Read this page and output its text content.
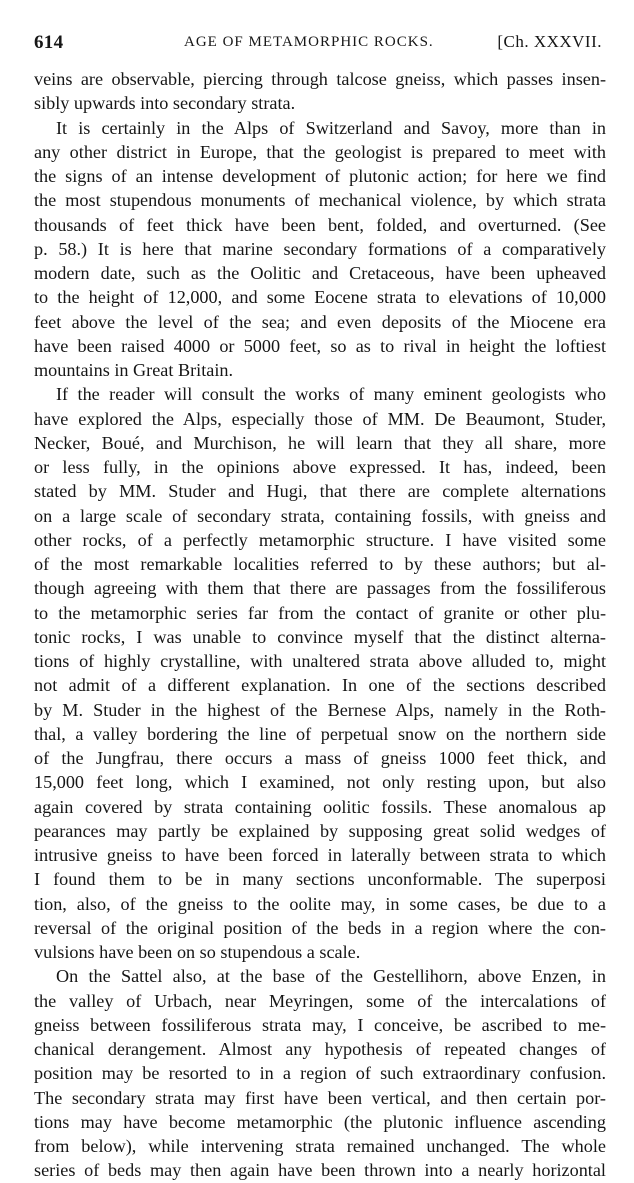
614	AGE OF METAMORPHIC ROCKS.	[Ch. XXXVII.
veins are observable, piercing through talcose gneiss, which passes insen-
sibly upwards into secondary strata.
It is certainly in the Alps of Switzerland and Savoy, more than in
any other district in Europe, that the geologist is prepared to meet with
the signs of an intense development of plutonic action; for here we find
the most stupendous monuments of mechanical violence, by which strata
thousands of feet thick have been bent, folded, and overturned. (See
p. 58.) It is here that marine secondary formations of a comparatively
modern date, such as the Oolitic and Cretaceous, have been upheaved
to the height of 12,000, and some Eocene strata to elevations of 10,000
feet above the level of the sea; and even deposits of the Miocene era
have been raised 4000 or 5000 feet, so as to rival in height the loftiest
mountains in Great Britain.
If the reader will consult the works of many eminent geologists who
have explored the Alps, especially those of MM. De Beaumont, Studer,
Necker, Boué, and Murchison, he will learn that they all share, more
or less fully, in the opinions above expressed. It has, indeed, been
stated by MM. Studer and Hugi, that there are complete alternations
on a large scale of secondary strata, containing fossils, with gneiss and
other rocks, of a perfectly metamorphic structure. I have visited some
of the most remarkable localities referred to by these authors; but al-
though agreeing with them that there are passages from the fossiliferous
to the metamorphic series far from the contact of granite or other plu-
tonic rocks, I was unable to convince myself that the distinct alterna-
tions of highly crystalline, with unaltered strata above alluded to, might
not admit of a different explanation. In one of the sections described
by M. Studer in the highest of the Bernese Alps, namely in the Roth-
thal, a valley bordering the line of perpetual snow on the northern side
of the Jungfrau, there occurs a mass of gneiss 1000 feet thick, and
15,000 feet long, which I examined, not only resting upon, but also
again covered by strata containing oolitic fossils. These anomalous ap
pearances may partly be explained by supposing great solid wedges of
intrusive gneiss to have been forced in laterally between strata to which
I found them to be in many sections unconformable. The superposi
tion, also, of the gneiss to the oolite may, in some cases, be due to a
reversal of the original position of the beds in a region where the con-
vulsions have been on so stupendous a scale.
On the Sattel also, at the base of the Gestellihorn, above Enzen, in
the valley of Urbach, near Meyringen, some of the intercalations of
gneiss between fossiliferous strata may, I conceive, be ascribed to me-
chanical derangement. Almost any hypothesis of repeated changes of
position may be resorted to in a region of such extraordinary confusion.
The secondary strata may first have been vertical, and then certain por-
tions may have become metamorphic (the plutonic influence ascending
from below), while intervening strata remained unchanged. The whole
series of beds may then again have been thrown into a nearly horizontal
